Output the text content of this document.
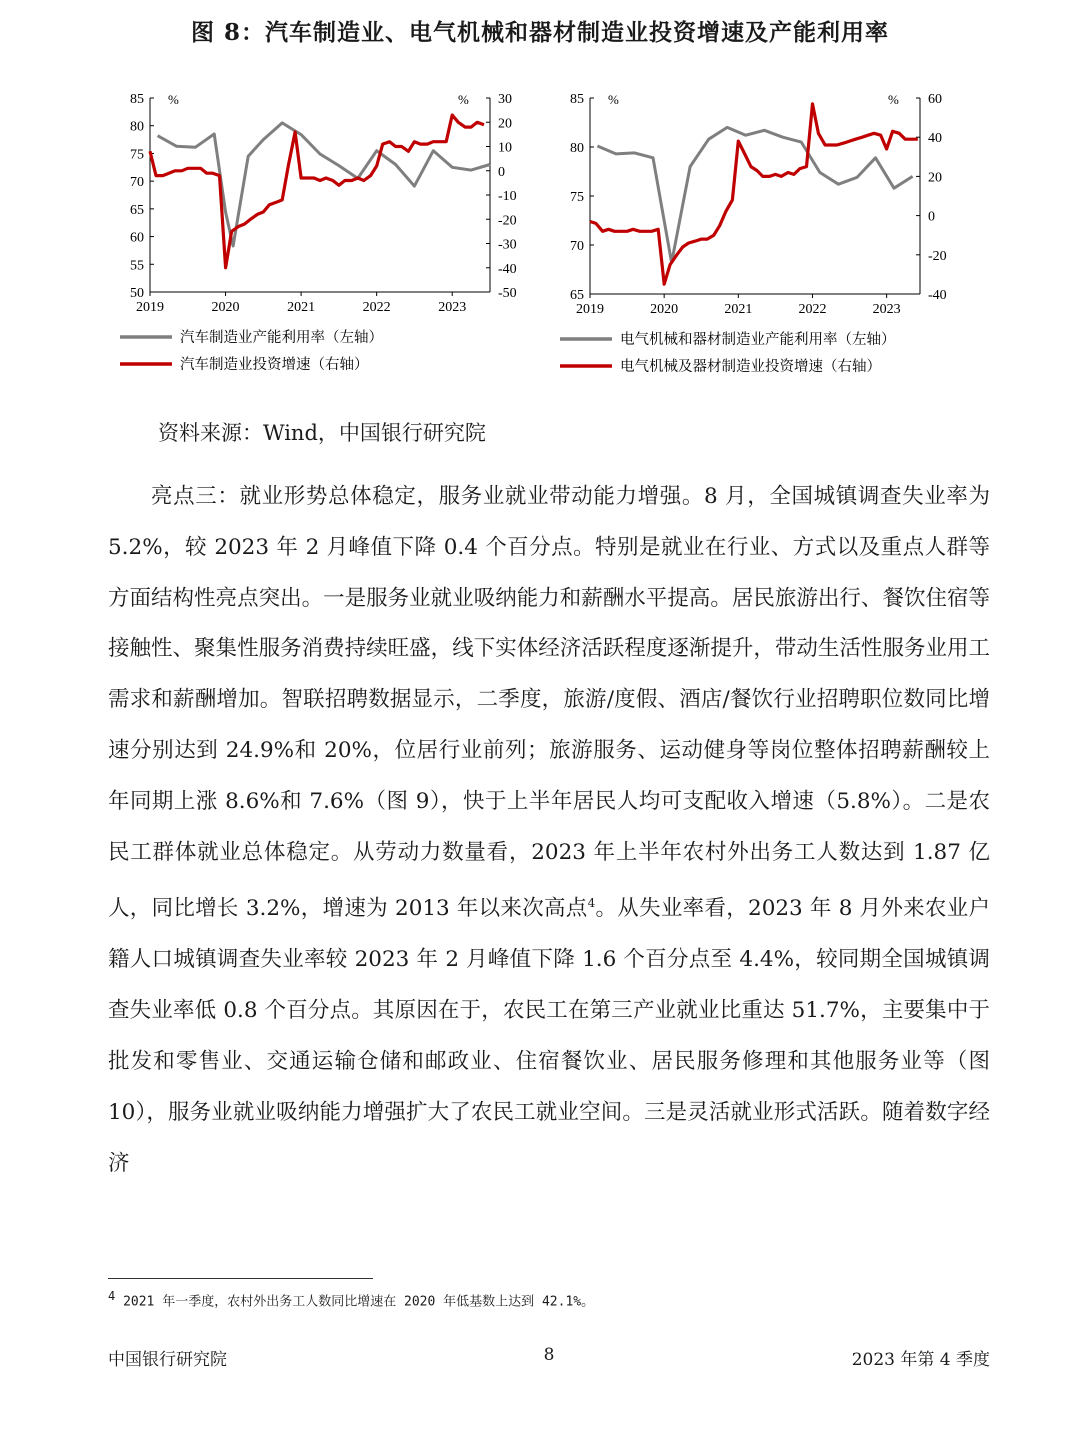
图 8：汽车制造业、电气机械和器材制造业投资增速及产能利用率
85
80
75
70
65
60
55
50
30
20
10
0
-10
-20
-30
-40
-50
2019	2020	2021	2022	2023
%	%
汽车制造业产能利用率（左轴）
汽车制造业投资增速（右轴）
85
80
75
70
65
60
40
20
0
-20
-40
2019	2020	2021	2022	2023
%	%
电气机械和器材制造业产能利用率（左轴）
电气机械及器材制造业投资增速（右轴）
资料来源：Wind，中国银行研究院

亮点三：就业形势总体稳定，服务业就业带动能力增强。8 月，全国城镇调查失业率为 5.2%，较 2023 年 2 月峰值下降 0.4 个百分点。特别是就业在行业、方式以及重点人群等方面结构性亮点突出。一是服务业就业吸纳能力和薪酬水平提高。居民旅游出行、餐饮住宿等接触性、聚集性服务消费持续旺盛，线下实体经济活跃程度逐渐提升，带动生活性服务业用工需求和薪酬增加。智联招聘数据显示，二季度，旅游/度假、酒店/餐饮行业招聘职位数同比增速分别达到 24.9%和 20%，位居行业前列；旅游服务、运动健身等岗位整体招聘薪酬较上年同期上涨 8.6%和 7.6%（图 9），快于上半年居民人均可支配收入增速（5.8%）。二是农民工群体就业总体稳定。从劳动力数量看，2023 年上半年农村外出务工人数达到 1.87 亿人，同比增长 3.2%，增速为 2013 年以来次高点$^4$。从失业率看，2023 年 8 月外来农业户籍人口城镇调查失业率较 2023 年 2 月峰值下降 1.6 个百分点至 4.4%，较同期全国城镇调查失业率低 0.8 个百分点。其原因在于，农民工在第三产业就业比重达 51.7%，主要集中于批发和零售业、交通运输仓储和邮政业、住宿餐饮业、居民服务修理和其他服务业等（图 10），服务业就业吸纳能力增强扩大了农民工就业空间。三是灵活就业形式活跃。随着数字经济

$^4$ 2021 年一季度，农村外出务工人数同比增速在 2020 年低基数上达到 42.1%。
中国银行研究院	8	2023 年第 4 季度
